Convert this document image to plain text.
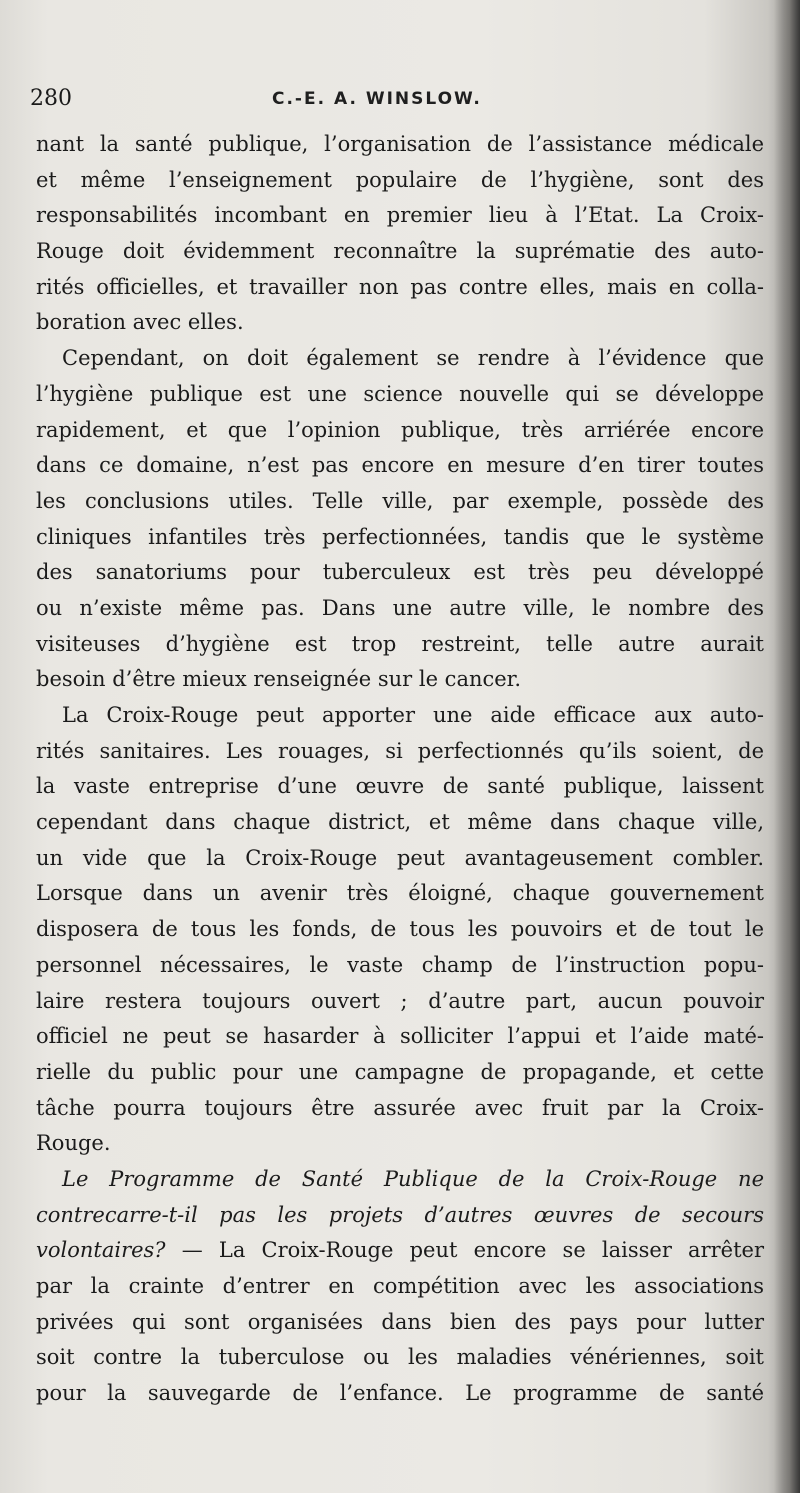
280	C.-E. A. WINSLOW.
nant la santé publique, l’organisation de l’assistance médicale
et même l’enseignement populaire de l’hygiène, sont des
responsabilités incombant en premier lieu à l’Etat. La Croix-
Rouge doit évidemment reconnaître la suprématie des auto-
rités officielles, et travailler non pas contre elles, mais en colla-
boration avec elles.
Cependant, on doit également se rendre à l’évidence que
l’hygiène publique est une science nouvelle qui se développe
rapidement, et que l’opinion publique, très arriérée encore
dans ce domaine, n’est pas encore en mesure d’en tirer toutes
les conclusions utiles. Telle ville, par exemple, possède des
cliniques infantiles très perfectionnées, tandis que le système
des sanatoriums pour tuberculeux est très peu développé
ou n’existe même pas. Dans une autre ville, le nombre des
visiteuses d’hygiène est trop restreint, telle autre aurait
besoin d’être mieux renseignée sur le cancer.
La Croix-Rouge peut apporter une aide efficace aux auto-
rités sanitaires. Les rouages, si perfectionnés qu’ils soient, de
la vaste entreprise d’une œuvre de santé publique, laissent
cependant dans chaque district, et même dans chaque ville,
un vide que la Croix-Rouge peut avantageusement combler.
Lorsque dans un avenir très éloigné, chaque gouvernement
disposera de tous les fonds, de tous les pouvoirs et de tout le
personnel nécessaires, le vaste champ de l’instruction popu-
laire restera toujours ouvert ; d’autre part, aucun pouvoir
officiel ne peut se hasarder à solliciter l’appui et l’aide maté-
rielle du public pour une campagne de propagande, et cette
tâche pourra toujours être assurée avec fruit par la Croix-
Rouge.
Le Programme de Santé Publique de la Croix-Rouge ne
contrecarre-t-il pas les projets d’autres œuvres de secours
volontaires? — La Croix-Rouge peut encore se laisser arrêter
par la crainte d’entrer en compétition avec les associations
privées qui sont organisées dans bien des pays pour lutter
soit contre la tuberculose ou les maladies vénériennes, soit
pour la sauvegarde de l’enfance. Le programme de santé
